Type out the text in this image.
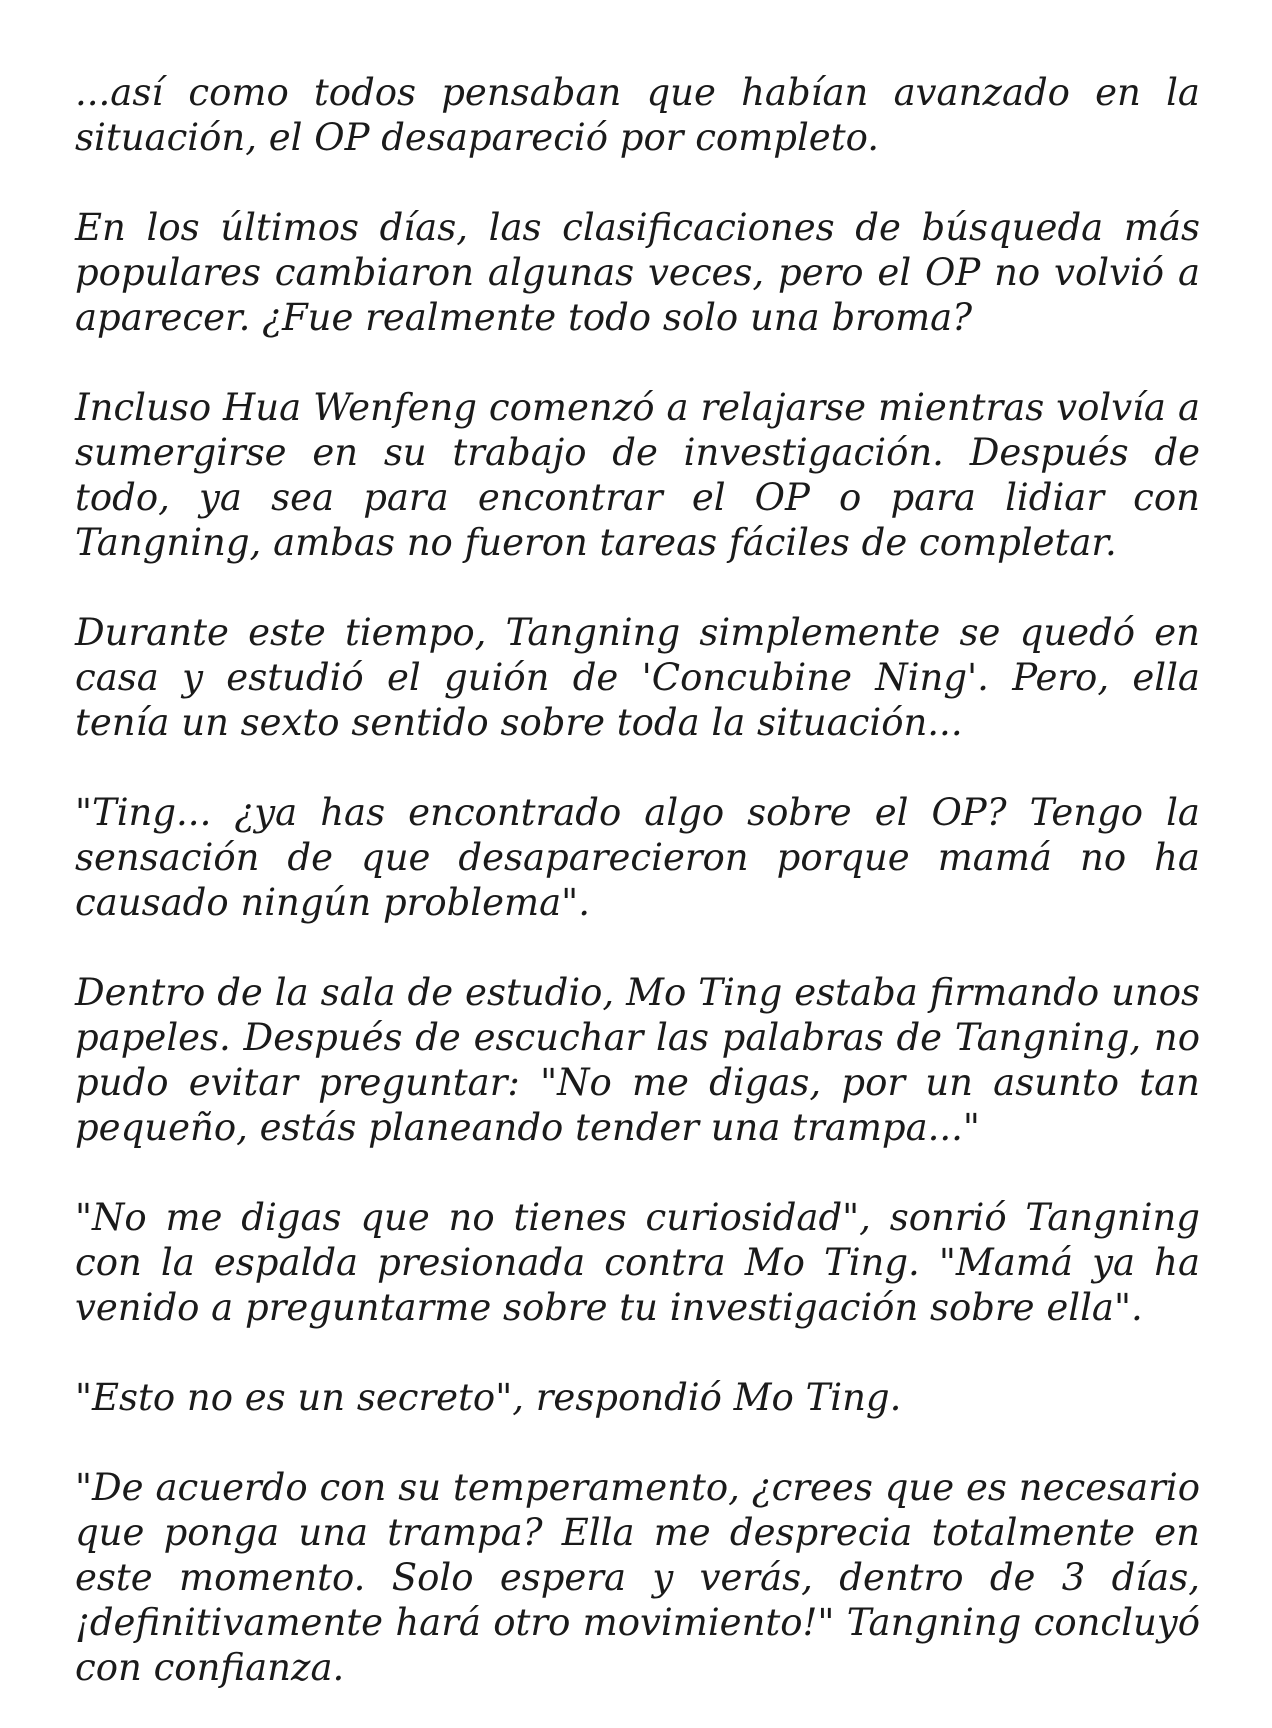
...así como todos pensaban que habían avanzado en la situación, el OP desapareció por completo.

En los últimos días, las clasificaciones de búsqueda más populares cambiaron algunas veces, pero el OP no volvió a aparecer. ¿Fue realmente todo solo una broma?

Incluso Hua Wenfeng comenzó a relajarse mientras volvía a sumergirse en su trabajo de investigación. Después de todo, ya sea para encontrar el OP o para lidiar con Tangning, ambas no fueron tareas fáciles de completar.

Durante este tiempo, Tangning simplemente se quedó en casa y estudió el guión de 'Concubine Ning'. Pero, ella tenía un sexto sentido sobre toda la situación...

"Ting... ¿ya has encontrado algo sobre el OP? Tengo la sensación de que desaparecieron porque mamá no ha causado ningún problema".

Dentro de la sala de estudio, Mo Ting estaba firmando unos papeles. Después de escuchar las palabras de Tangning, no pudo evitar preguntar: "No me digas, por un asunto tan pequeño, estás planeando tender una trampa..."

"No me digas que no tienes curiosidad", sonrió Tangning con la espalda presionada contra Mo Ting. "Mamá ya ha venido a preguntarme sobre tu investigación sobre ella".

"Esto no es un secreto", respondió Mo Ting.

"De acuerdo con su temperamento, ¿crees que es necesario que ponga una trampa? Ella me desprecia totalmente en este momento. Solo espera y verás, dentro de 3 días, ¡definitivamente hará otro movimiento!" Tangning concluyó con confianza.
